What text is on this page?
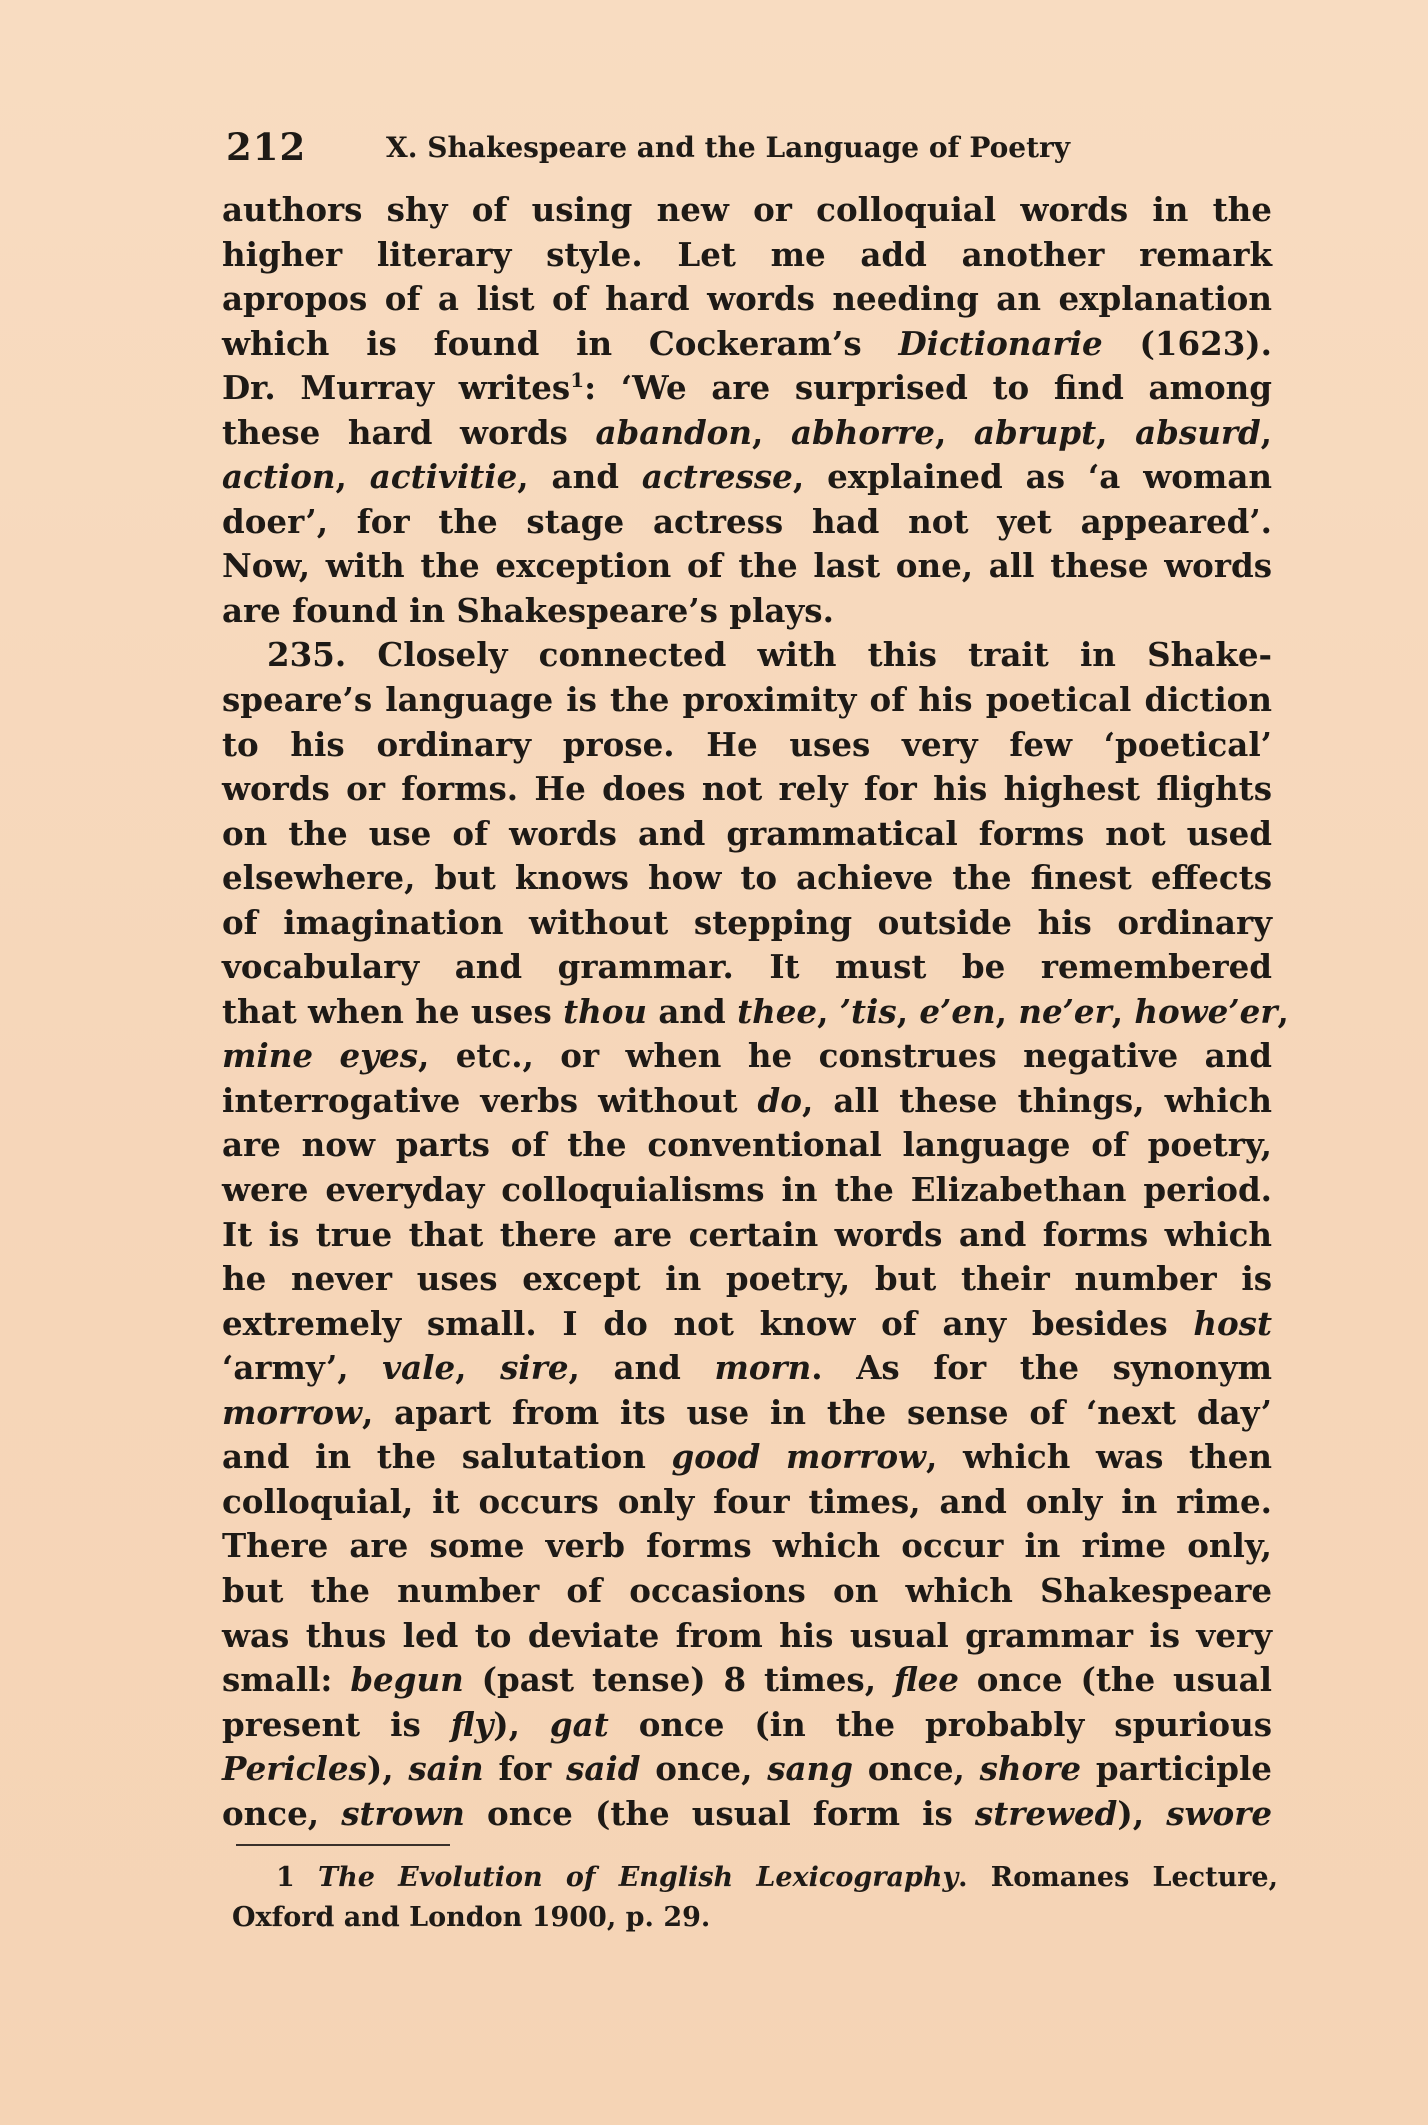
212	X. Shakespeare and the Language of Poetry
authors shy of using new or colloquial words in the
higher literary style. Let me add another remark
apropos of a list of hard words needing an explanation
which is found in Cockeram’s Dictionarie (1623).
Dr. Murray writes$^1$: ‘We are surprised to find among
these hard words abandon, abhorre, abrupt, absurd,
action, activitie, and actresse, explained as ‘a woman
doer’, for the stage actress had not yet appeared’.
Now, with the exception of the last one, all these words
are found in Shakespeare’s plays.
235. Closely connected with this trait in Shake-
speare’s language is the proximity of his poetical diction
to his ordinary prose. He uses very few ‘poetical’
words or forms. He does not rely for his highest flights
on the use of words and grammatical forms not used
elsewhere, but knows how to achieve the finest effects
of imagination without stepping outside his ordinary
vocabulary and grammar. It must be remembered
that when he uses thou and thee, ’tis, e’en, ne’er, howe’er,
mine eyes, etc., or when he construes negative and
interrogative verbs without do, all these things, which
are now parts of the conventional language of poetry,
were everyday colloquialisms in the Elizabethan period.
It is true that there are certain words and forms which
he never uses except in poetry, but their number is
extremely small. I do not know of any besides host
‘army’, vale, sire, and morn. As for the synonym
morrow, apart from its use in the sense of ‘next day’
and in the salutation good morrow, which was then
colloquial, it occurs only four times, and only in rime.
There are some verb forms which occur in rime only,
but the number of occasions on which Shakespeare
was thus led to deviate from his usual grammar is very
small: begun (past tense) 8 times, flee once (the usual
present is fly), gat once (in the probably spurious
Pericles), sain for said once, sang once, shore participle
once, strown once (the usual form is strewed), swore
1 The Evolution of English Lexicography. Romanes Lecture,
Oxford and London 1900, p. 29.
